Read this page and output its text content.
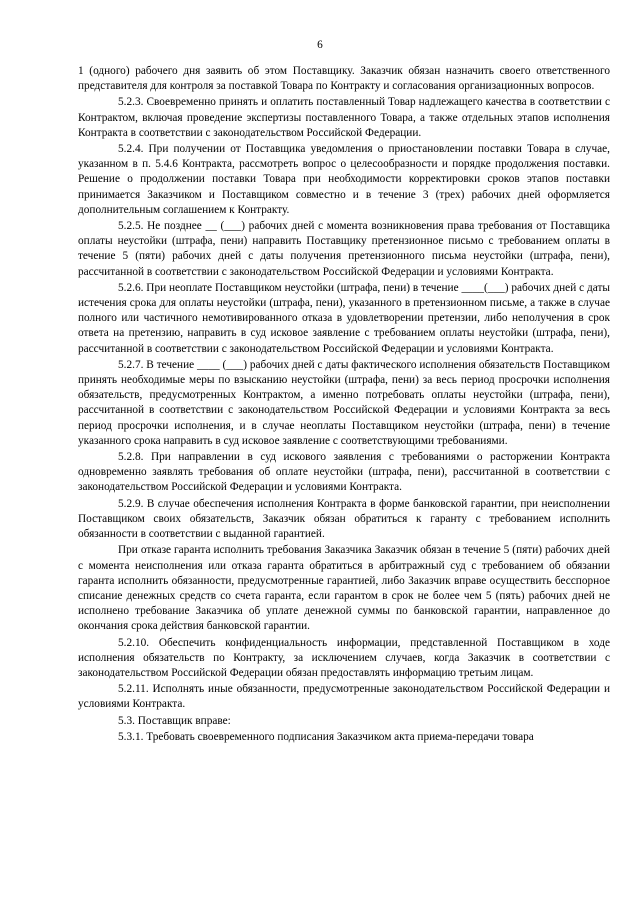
6

1 (одного) рабочего дня заявить об этом Поставщику. Заказчик обязан назначить своего ответственного представителя для контроля за поставкой Товара по Контракту и согласования организационных вопросов.

5.2.3. Своевременно принять и оплатить поставленный Товар надлежащего качества в соответствии с Контрактом, включая проведение экспертизы поставленного Товара, а также отдельных этапов исполнения Контракта в соответствии с законодательством Российской Федерации.

5.2.4. При получении от Поставщика уведомления о приостановлении поставки Товара в случае, указанном в п. 5.4.6 Контракта, рассмотреть вопрос о целесообразности и порядке продолжения поставки. Решение о продолжении поставки Товара при необходимости корректировки сроков этапов поставки принимается Заказчиком и Поставщиком совместно и в течение 3 (трех) рабочих дней оформляется дополнительным соглашением к Контракту.

5.2.5. Не позднее __ (___) рабочих дней с момента возникновения права требования от Поставщика оплаты неустойки (штрафа, пени) направить Поставщику претензионное письмо с требованием оплаты в течение 5 (пяти) рабочих дней с даты получения претензионного письма неустойки (штрафа, пени), рассчитанной в соответствии с законодательством Российской Федерации и условиями Контракта.

5.2.6. При неоплате Поставщиком неустойки (штрафа, пени) в течение ____(___) рабочих дней с даты истечения срока для оплаты неустойки (штрафа, пени), указанного в претензионном письме, а также в случае полного или частичного немотивированного отказа в удовлетворении претензии, либо неполучения в срок ответа на претензию, направить в суд исковое заявление с требованием оплаты неустойки (штрафа, пени), рассчитанной в соответствии с законодательством Российской Федерации и условиями Контракта.

5.2.7. В течение ____ (___) рабочих дней с даты фактического исполнения обязательств Поставщиком принять необходимые меры по взысканию неустойки (штрафа, пени) за весь период просрочки исполнения обязательств, предусмотренных Контрактом, а именно потребовать оплаты неустойки (штрафа, пени), рассчитанной в соответствии с законодательством Российской Федерации и условиями Контракта за весь период просрочки исполнения, и в случае неоплаты Поставщиком неустойки (штрафа, пени) в течение указанного срока направить в суд исковое заявление с соответствующими требованиями.

5.2.8. При направлении в суд искового заявления с требованиями о расторжении Контракта одновременно заявлять требования об оплате неустойки (штрафа, пени), рассчитанной в соответствии с законодательством Российской Федерации и условиями Контракта.

5.2.9. В случае обеспечения исполнения Контракта в форме банковской гарантии, при неисполнении Поставщиком своих обязательств, Заказчик обязан обратиться к гаранту с требованием исполнить обязанности в соответствии с выданной гарантией.

При отказе гаранта исполнить требования Заказчика Заказчик обязан в течение 5 (пяти) рабочих дней с момента неисполнения или отказа гаранта обратиться в арбитражный суд с требованием об обязании гаранта исполнить обязанности, предусмотренные гарантией, либо Заказчик вправе осуществить бесспорное списание денежных средств со счета гаранта, если гарантом в срок не более чем 5 (пять) рабочих дней не исполнено требование Заказчика об уплате денежной суммы по банковской гарантии, направленное до окончания срока действия банковской гарантии.

5.2.10. Обеспечить конфиденциальность информации, представленной Поставщиком в ходе исполнения обязательств по Контракту, за исключением случаев, когда Заказчик в соответствии с законодательством Российской Федерации обязан предоставлять информацию третьим лицам.

5.2.11. Исполнять иные обязанности, предусмотренные законодательством Российской Федерации и условиями Контракта.

5.3. Поставщик вправе:

5.3.1. Требовать своевременного подписания Заказчиком акта приема-передачи товара
